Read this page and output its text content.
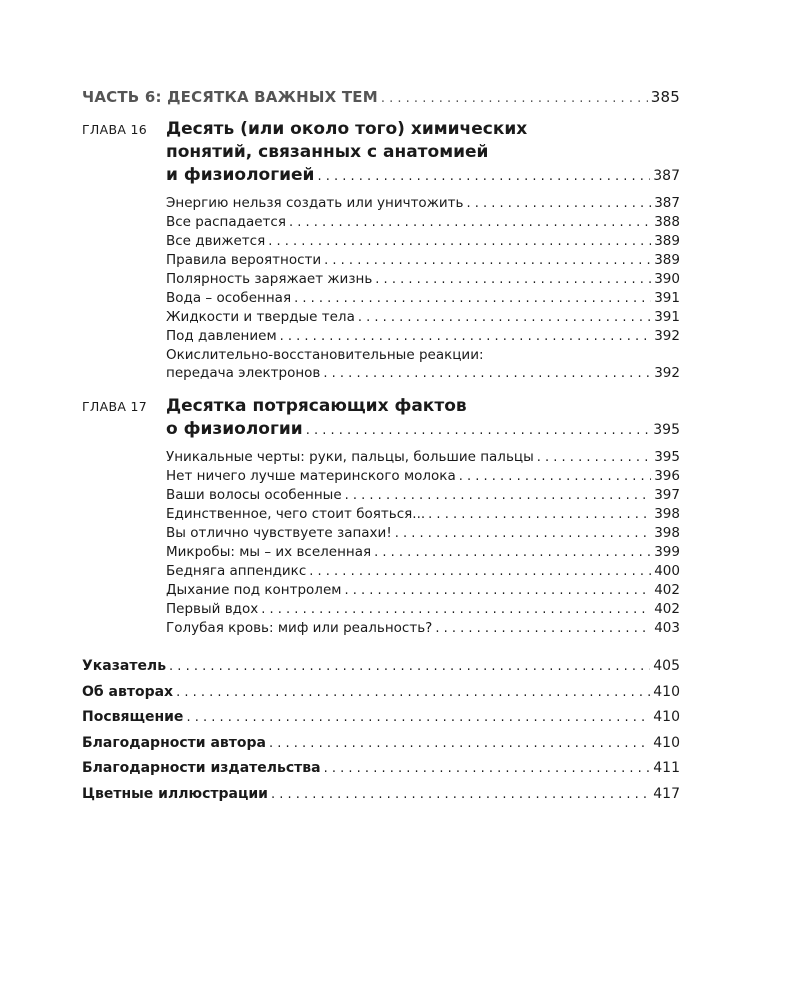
ЧАСТЬ 6: ДЕСЯТКА ВАЖНЫХ ТЕМ . . .	385
ГЛАВА 16 Десять (или около того) химических
понятий, связанных с анатомией
и физиологией . . .	387
Энергию нельзя создать или уничтожить . . .	387
Все распадается . . .	388
Все движется . . .	389
Правила вероятности . . .	389
Полярность заряжает жизнь . . .	390
Вода – особенная . . .	391
Жидкости и твердые тела . . .	391
Под давлением . . .	392
Окислительно-восстановительные реакции:
передача электронов . . .	392
ГЛАВА 17 Десятка потрясающих фактов
о физиологии . . .	395
Уникальные черты: руки, пальцы, большие пальцы . . .	395
Нет ничего лучше материнского молока . . .	396
Ваши волосы особенные . . .	397
Единственное, чего стоит бояться... . . .	398
Вы отлично чувствуете запахи! . . .	398
Микробы: мы – их вселенная . . .	399
Бедняга аппендикс . . .	400
Дыхание под контролем . . .	402
Первый вдох . . .	402
Голубая кровь: миф или реальность? . . .	403
Указатель . . .	405
Об авторах . . .	410
Посвящение . . .	410
Благодарности автора . . .	410
Благодарности издательства . . .	411
Цветные иллюстрации . . .	417
